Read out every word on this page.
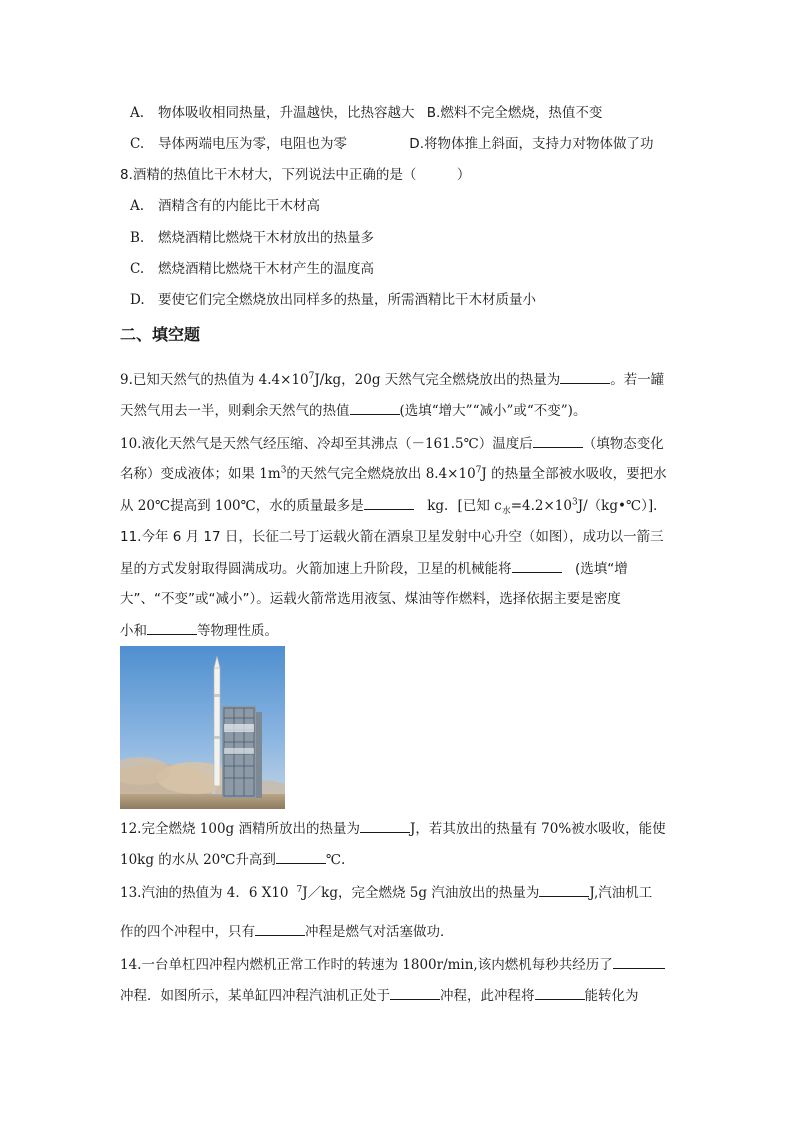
A. 物体吸收相同热量，升温越快，比热容越大 B.燃料不完全燃烧，热值不变
C. 导体两端电压为零，电阻也为零	D.将物体推上斜面，支持力对物体做了功
8.酒精的热值比干木材大，下列说法中正确的是（　　　）
A. 酒精含有的内能比干木材高
B. 燃烧酒精比燃烧干木材放出的热量多
C. 燃烧酒精比燃烧干木材产生的温度高
D. 要使它们完全燃烧放出同样多的热量，所需酒精比干木材质量小
二、填空题
9.已知天然气的热值为 $4.4\times 10^7J/kg$，20g 天然气完全燃烧放出的热量为	。若一罐
天然气用去一半，则剩余天然气的热值	(选填“增大”“减小”或“不变”)。
10.液化天然气是天然气经压缩、冷却至其沸点（－161.5℃）温度后	（填物态变化
名称）变成液体；如果 $1m^3$的天然气完全燃烧放出 $8.4\times 10^7J$ 的热量全部被水吸收，要把水
从 20℃提高到 100℃，水的质量最多是	　kg．[已知 $c_水=4.2\times 10^3J/(kg•℃)$]．
11.今年 6 月 17 日，长征二号丁运载火箭在酒泉卫星发射中心升空（如图），成功以一箭三
星的方式发射取得圆满成功。火箭加速上升阶段，卫星的机械能将	　(选填“增
大”、“不变”或“减小”）。运载火箭常选用液氢、煤油等作燃料，选择依据主要是密度
小和	等物理性质。
12.完全燃烧 100g 酒精所放出的热量为	J，若其放出的热量有 70%被水吸收，能使
10kg 的水从 20℃升高到	℃.
13.汽油的热值为 4．6 X10 $^7$J／kg，完全燃烧 5g 汽油放出的热量为	J,汽油机工
作的四个冲程中，只有	冲程是燃气对活塞做功．
14.一台单杠四冲程内燃机正常工作时的转速为 1800r/min,该内燃机每秒共经历了
冲程．如图所示，某单缸四冲程汽油机正处于	冲程，此冲程将	能转化为
